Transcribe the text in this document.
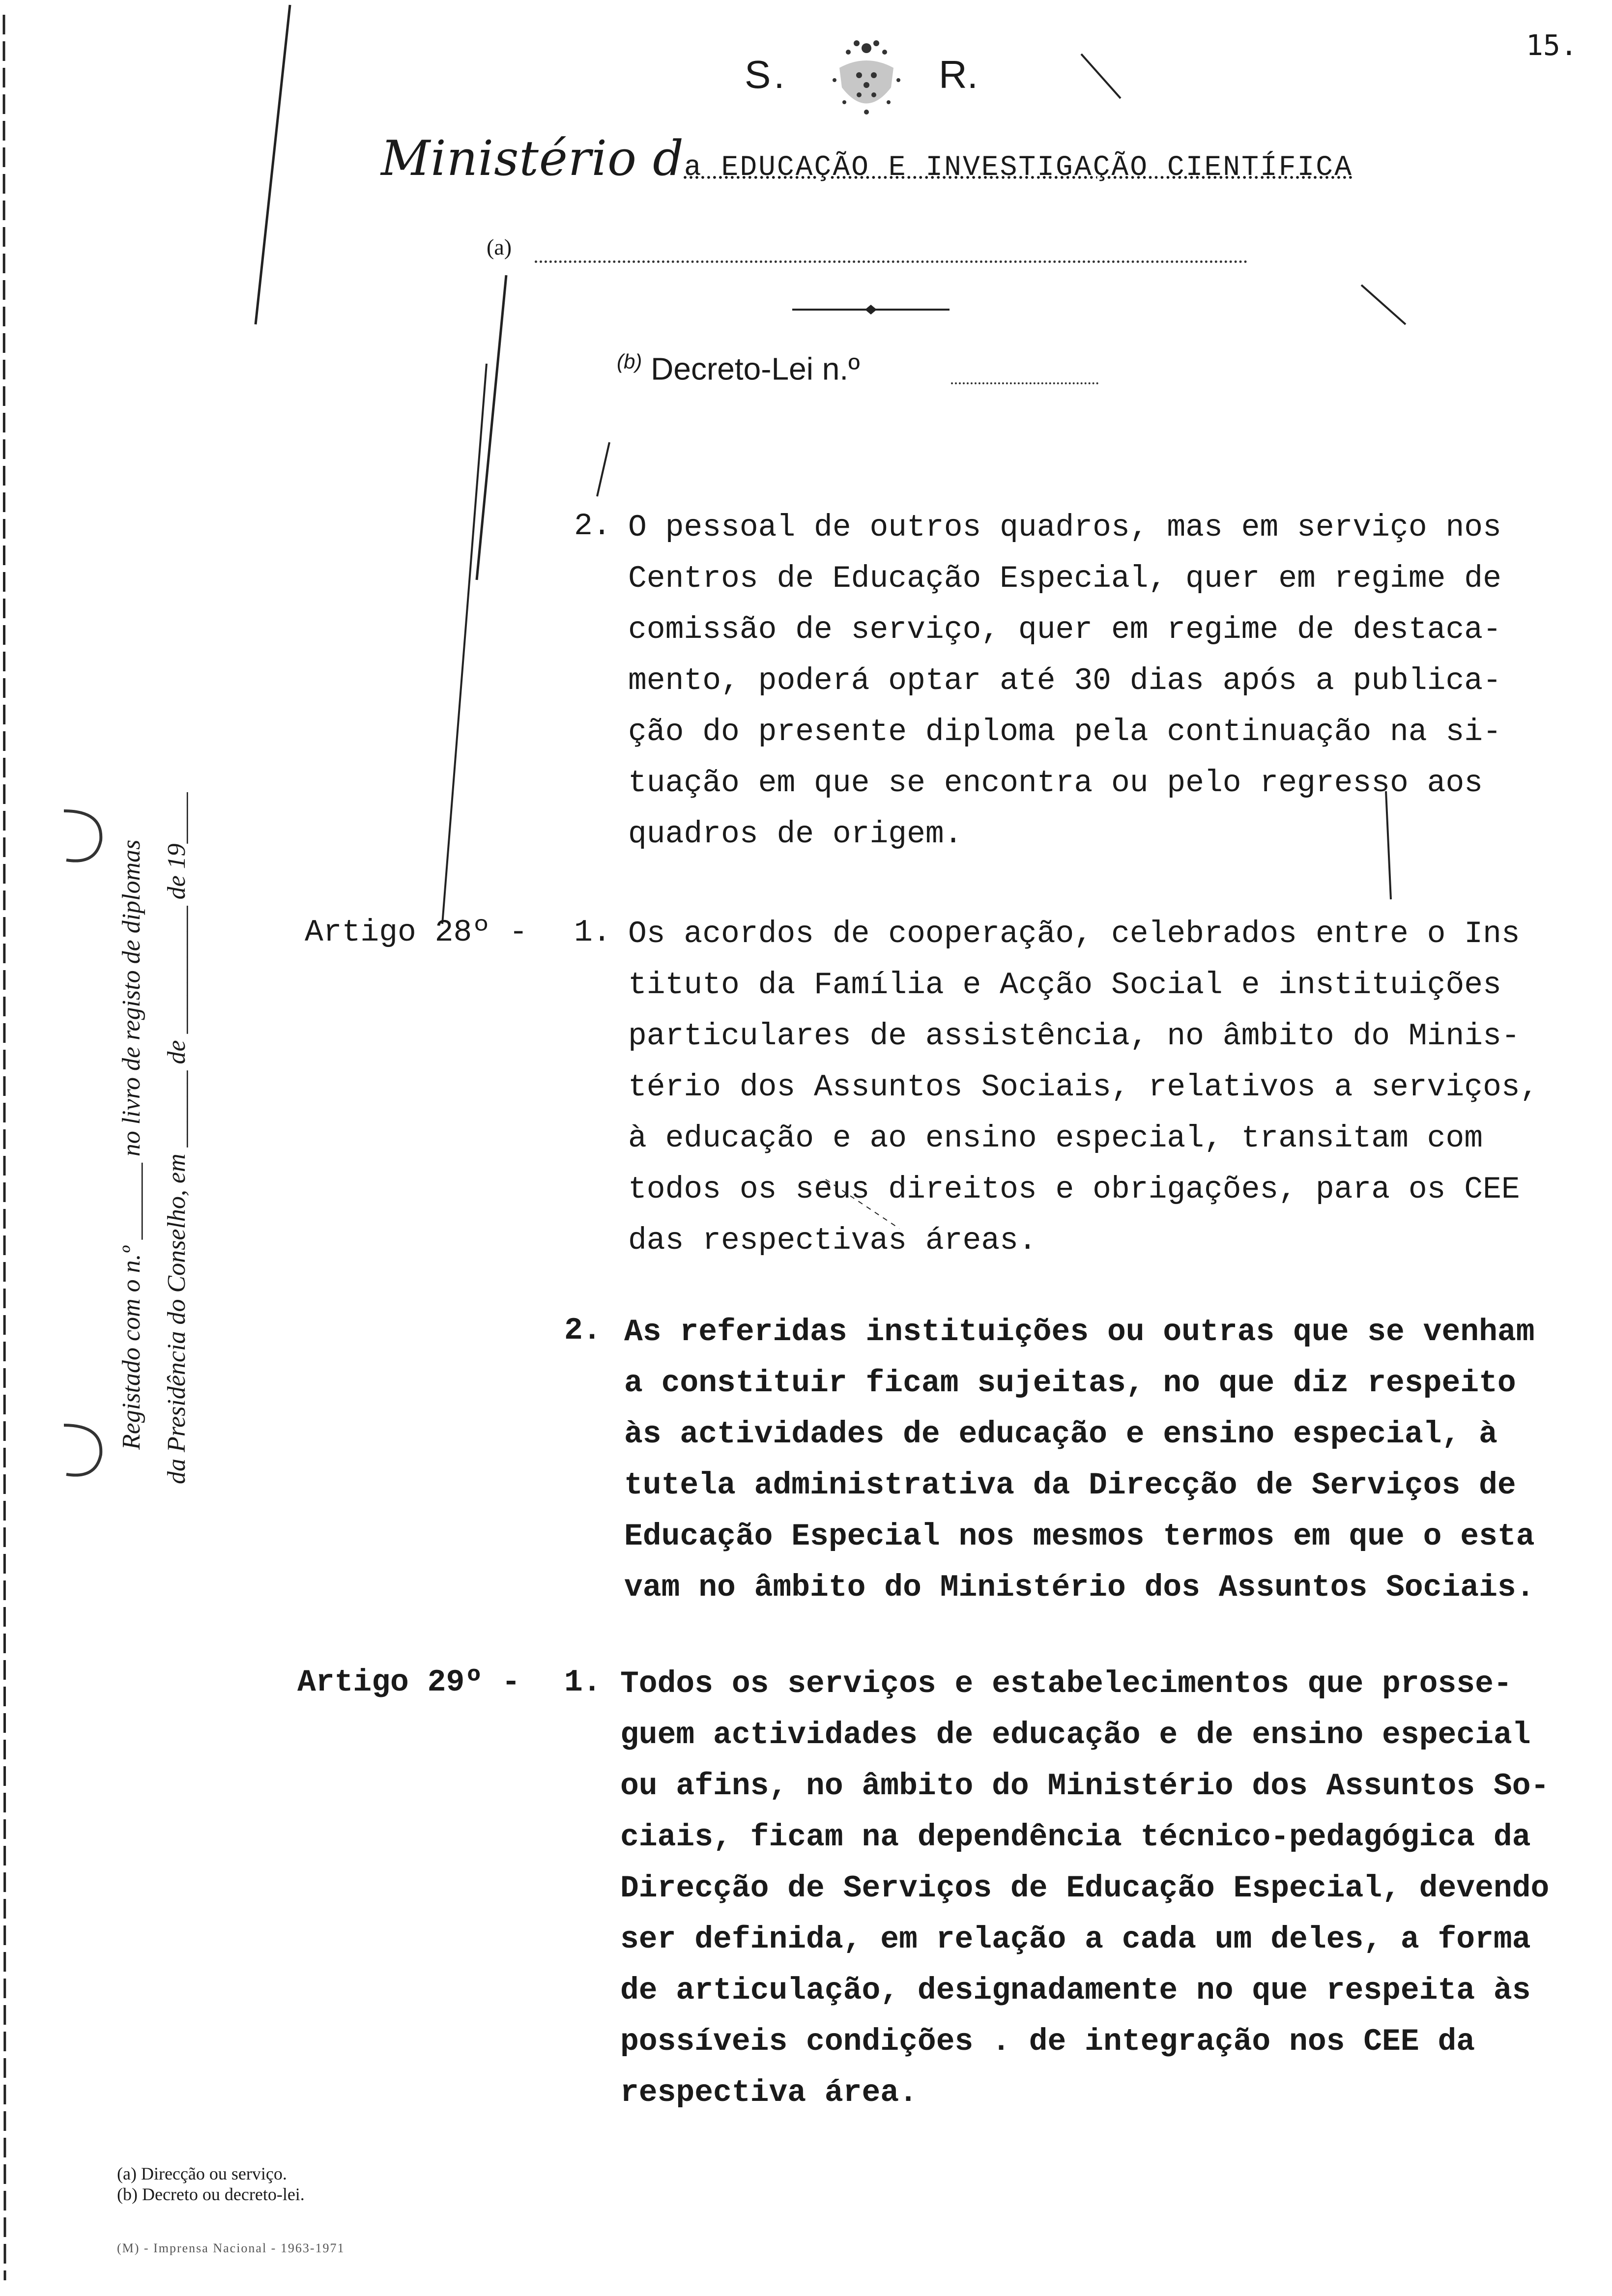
15.
S.	R.
Ministério da EDUCAÇÃO E INVESTIGAÇÃO CIENTÍFICA
(a)
$^{(b)}$ Decreto-Lei n.º
Registado com o n.º ______ no livro de registo de diplomas da Presidência do Conselho, em ______ de __________ de 19____
2. O pessoal de outros quadros, mas em serviço nos
Centros de Educação Especial, quer em regime de
comissão de serviço, quer em regime de destaca-
mento, poderá optar até 30 dias após a publica-
ção do presente diploma pela continuação na si-
tuação em que se encontra ou pelo regresso aos
quadros de origem.
Artigo 28º - 1. Os acordos de cooperação, celebrados entre o Ins
tituto da Família e Acção Social e instituições
particulares de assistência, no âmbito do Minis-
tério dos Assuntos Sociais, relativos a serviços,
à educação e ao ensino especial, transitam com
todos os seus direitos e obrigações, para os CEE
das respectivas áreas.
2. As referidas instituições ou outras que se venham
a constituir ficam sujeitas, no que diz respeito
às actividades de educação e ensino especial, à
tutela administrativa da Direcção de Serviços de
Educação Especial nos mesmos termos em que o esta
vam no âmbito do Ministério dos Assuntos Sociais.
Artigo 29º - 1. Todos os serviços e estabelecimentos que prosse-
guem actividades de educação e de ensino especial
ou afins, no âmbito do Ministério dos Assuntos So-
ciais, ficam na dependência técnico-pedagógica da
Direcção de Serviços de Educação Especial, devendo
ser definida, em relação a cada um deles, a forma
de articulação, designadamente no que respeita às
possíveis condições . de integração nos CEE da
respectiva área.
(a) Direcção ou serviço.
(b) Decreto ou decreto-lei.
(M) - Imprensa Nacional - 1963-1971
